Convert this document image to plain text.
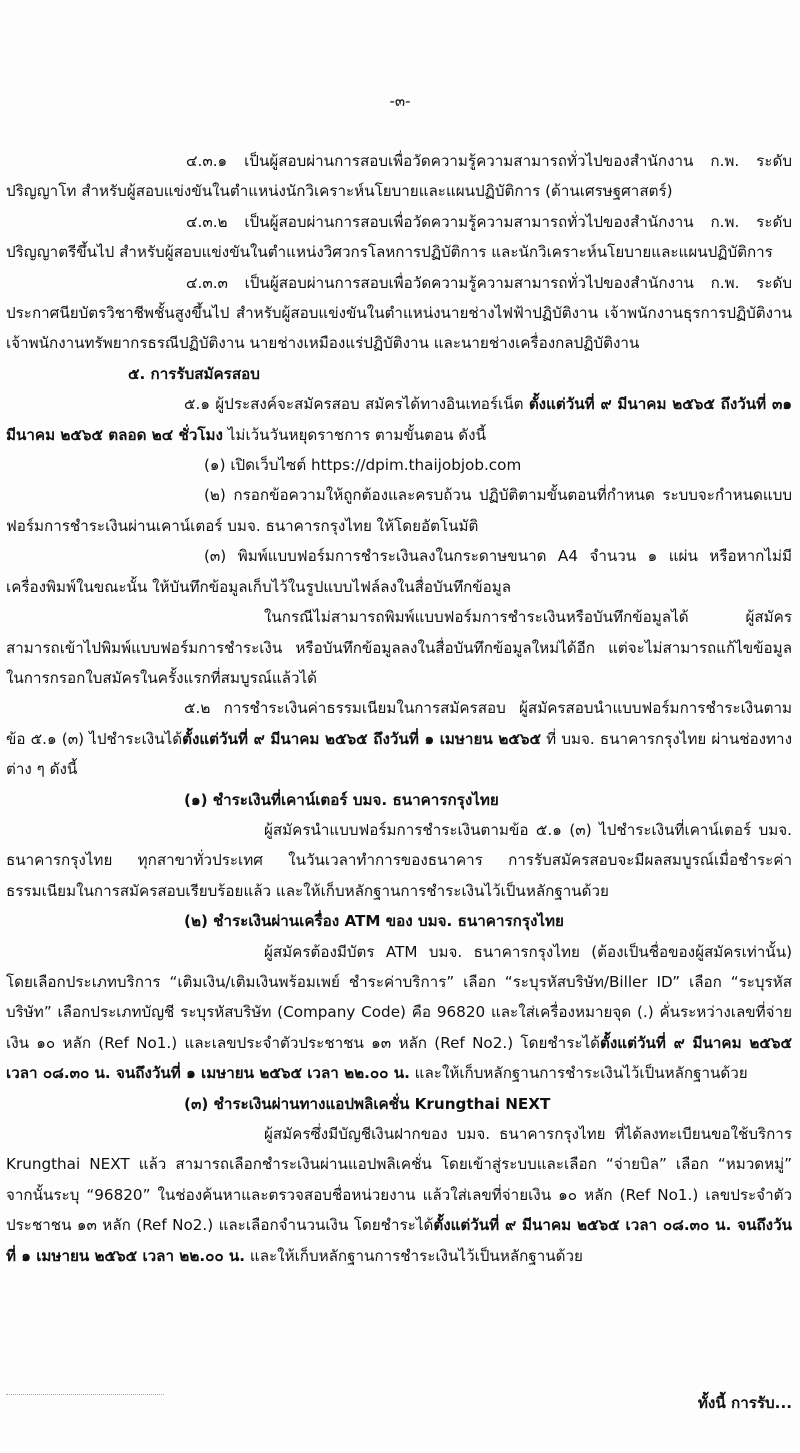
-๓-

๔.๓.๑ เป็นผู้สอบผ่านการสอบเพื่อวัดความรู้ความสามารถทั่วไปของสำนักงาน ก.พ. ระดับปริญญาโท สำหรับผู้สอบแข่งขันในตำแหน่งนักวิเคราะห์นโยบายและแผนปฏิบัติการ (ด้านเศรษฐศาสตร์)

๔.๓.๒ เป็นผู้สอบผ่านการสอบเพื่อวัดความรู้ความสามารถทั่วไปของสำนักงาน ก.พ. ระดับปริญญาตรีขึ้นไป สำหรับผู้สอบแข่งขันในตำแหน่งวิศวกรโลหการปฏิบัติการ และนักวิเคราะห์นโยบายและแผนปฏิบัติการ

๔.๓.๓ เป็นผู้สอบผ่านการสอบเพื่อวัดความรู้ความสามารถทั่วไปของสำนักงาน ก.พ. ระดับประกาศนียบัตรวิชาชีพชั้นสูงขึ้นไป สำหรับผู้สอบแข่งขันในตำแหน่งนายช่างไฟฟ้าปฏิบัติงาน เจ้าพนักงานธุรการปฏิบัติงาน เจ้าพนักงานทรัพยากรธรณีปฏิบัติงาน นายช่างเหมืองแร่ปฏิบัติงาน และนายช่างเครื่องกลปฏิบัติงาน

๕. การรับสมัครสอบ

๕.๑ ผู้ประสงค์จะสมัครสอบ สมัครได้ทางอินเทอร์เน็ต ตั้งแต่วันที่ ๙ มีนาคม ๒๕๖๕ ถึงวันที่ ๓๑ มีนาคม ๒๕๖๕ ตลอด ๒๔ ชั่วโมง ไม่เว้นวันหยุดราชการ ตามขั้นตอน ดังนี้

(๑) เปิดเว็บไซต์ https://dpim.thaijobjob.com

(๒) กรอกข้อความให้ถูกต้องและครบถ้วน ปฏิบัติตามขั้นตอนที่กำหนด ระบบจะกำหนดแบบฟอร์มการชำระเงินผ่านเคาน์เตอร์ บมจ. ธนาคารกรุงไทย ให้โดยอัตโนมัติ

(๓) พิมพ์แบบฟอร์มการชำระเงินลงในกระดาษขนาด A4 จำนวน ๑ แผ่น หรือหากไม่มีเครื่องพิมพ์ในขณะนั้น ให้บันทึกข้อมูลเก็บไว้ในรูปแบบไฟล์ลงในสื่อบันทึกข้อมูล

ในกรณีไม่สามารถพิมพ์แบบฟอร์มการชำระเงินหรือบันทึกข้อมูลได้ ผู้สมัครสามารถเข้าไปพิมพ์แบบฟอร์มการชำระเงิน หรือบันทึกข้อมูลลงในสื่อบันทึกข้อมูลใหม่ได้อีก แต่จะไม่สามารถแก้ไขข้อมูลในการกรอกใบสมัครในครั้งแรกที่สมบูรณ์แล้วได้

๕.๒ การชำระเงินค่าธรรมเนียมในการสมัครสอบ ผู้สมัครสอบนำแบบฟอร์มการชำระเงินตามข้อ ๕.๑ (๓) ไปชำระเงินได้ตั้งแต่วันที่ ๙ มีนาคม ๒๕๖๕ ถึงวันที่ ๑ เมษายน ๒๕๖๕ ที่ บมจ. ธนาคารกรุงไทย ผ่านช่องทางต่าง ๆ ดังนี้

(๑) ชำระเงินที่เคาน์เตอร์ บมจ. ธนาคารกรุงไทย

ผู้สมัครนำแบบฟอร์มการชำระเงินตามข้อ ๕.๑ (๓) ไปชำระเงินที่เคาน์เตอร์ บมจ. ธนาคารกรุงไทย ทุกสาขาทั่วประเทศ ในวันเวลาทำการของธนาคาร การรับสมัครสอบจะมีผลสมบูรณ์เมื่อชำระค่าธรรมเนียมในการสมัครสอบเรียบร้อยแล้ว และให้เก็บหลักฐานการชำระเงินไว้เป็นหลักฐานด้วย

(๒) ชำระเงินผ่านเครื่อง ATM ของ บมจ. ธนาคารกรุงไทย

ผู้สมัครต้องมีบัตร ATM บมจ. ธนาคารกรุงไทย (ต้องเป็นชื่อของผู้สมัครเท่านั้น) โดยเลือกประเภทบริการ “เติมเงิน/เติมเงินพร้อมเพย์ ชำระค่าบริการ” เลือก “ระบุรหัสบริษัท/Biller ID” เลือก “ระบุรหัสบริษัท” เลือกประเภทบัญชี ระบุรหัสบริษัท (Company Code) คือ 96820 และใส่เครื่องหมายจุด (.) คั่นระหว่างเลขที่จ่ายเงิน ๑๐ หลัก (Ref No1.) และเลขประจำตัวประชาชน ๑๓ หลัก (Ref No2.) โดยชำระได้ตั้งแต่วันที่ ๙ มีนาคม ๒๕๖๕ เวลา ๐๘.๓๐ น. จนถึงวันที่ ๑ เมษายน ๒๕๖๕ เวลา ๒๒.๐๐ น. และให้เก็บหลักฐานการชำระเงินไว้เป็นหลักฐานด้วย

(๓) ชำระเงินผ่านทางแอปพลิเคชั่น Krungthai NEXT

ผู้สมัครซึ่งมีบัญชีเงินฝากของ บมจ. ธนาคารกรุงไทย ที่ได้ลงทะเบียนขอใช้บริการ Krungthai NEXT แล้ว สามารถเลือกชำระเงินผ่านแอปพลิเคชั่น โดยเข้าสู่ระบบและเลือก “จ่ายบิล” เลือก “หมวดหมู่” จากนั้นระบุ “96820” ในช่องค้นหาและตรวจสอบชื่อหน่วยงาน แล้วใส่เลขที่จ่ายเงิน ๑๐ หลัก (Ref No1.) เลขประจำตัวประชาชน ๑๓ หลัก (Ref No2.) และเลือกจำนวนเงิน โดยชำระได้ตั้งแต่วันที่ ๙ มีนาคม ๒๕๖๕ เวลา ๐๘.๓๐ น. จนถึงวันที่ ๑ เมษายน ๒๕๖๕ เวลา ๒๒.๐๐ น. และให้เก็บหลักฐานการชำระเงินไว้เป็นหลักฐานด้วย

ทั้งนี้ การรับ...
